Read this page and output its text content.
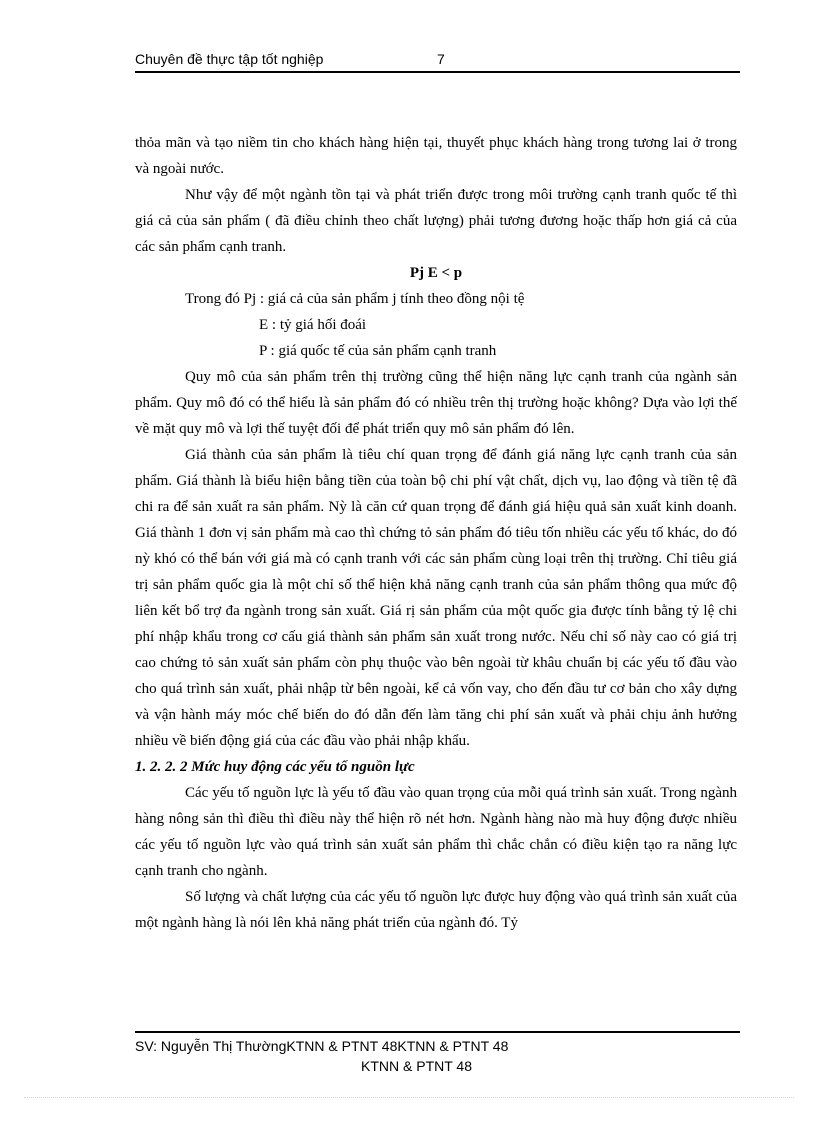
Chuyên đề thực tập tốt nghiệp	7

thỏa mãn và tạo niềm tin cho khách hàng hiện tại, thuyết phục khách hàng trong tương lai ở trong và ngoài nước.

Như vậy để một ngành tồn tại và phát triển được trong môi trường cạnh tranh quốc tế thì giá cả của sản phẩm ( đã điều chỉnh theo chất lượng) phải tương đương hoặc thấp hơn giá cả của các sản phẩm cạnh tranh.

Pj E < p

Trong đó Pj : giá cả của sản phẩm j tính theo đồng nội tệ

E : tỷ giá hối đoái

P : giá quốc tế của sản phẩm cạnh tranh

Quy mô của sản phẩm trên thị trường cũng thể hiện năng lực cạnh tranh của ngành sản phẩm. Quy mô đó có thể hiểu là sản phẩm đó có nhiều trên thị trường hoặc không? Dựa vào lợi thế về mặt quy mô và lợi thế tuyệt đối để phát triển quy mô sản phẩm đó lên.

Giá thành của sản phẩm là tiêu chí quan trọng để đánh giá năng lực cạnh tranh của sản phẩm. Giá thành là biểu hiện bằng tiền của toàn bộ chi phí vật chất, dịch vụ, lao động và tiền tệ đã chi ra để sản xuất ra sản phẩm. Nỳ là căn cứ quan trọng để đánh giá hiệu quả sản xuất kinh doanh. Giá thành 1 đơn vị sản phẩm mà cao thì chứng tỏ sản phẩm đó tiêu tốn nhiều các yếu tố khác, do đó nỳ khó có thể bán với giá mà có cạnh tranh với các sản phẩm cùng loại trên thị trường. Chỉ tiêu giá trị sản phẩm quốc gia là một chỉ số thể hiện khả năng cạnh tranh của sản phẩm thông qua mức độ liên kết bổ trợ đa ngành trong sản xuất. Giá rị sản phẩm của một quốc gia được tính bằng tỷ lệ chi phí nhập khẩu trong cơ cấu giá thành sản phẩm sản xuất trong nước. Nếu chỉ số này cao có giá trị cao chứng tỏ sản xuất sản phẩm còn phụ thuộc vào bên ngoài từ khâu chuẩn bị các yếu tố đầu vào cho quá trình sản xuất, phải nhập từ bên ngoài, kể cả vốn vay, cho đến đầu tư cơ bản cho xây dựng và vận hành máy móc chế biến do đó dẫn đến làm tăng chi phí sản xuất và phải chịu ảnh hưởng nhiều về biến động giá của các đầu vào phải nhập khẩu.

1. 2. 2. 2 Mức huy động các yếu tố nguồn lực

Các yếu tố nguồn lực là yếu tố đầu vào quan trọng của mỗi quá trình sản xuất. Trong ngành hàng nông sản thì điều thì điều này thể hiện rõ nét hơn. Ngành hàng nào mà huy động được nhiều các yếu tố nguồn lực vào quá trình sản xuất sản phẩm thì chắc chắn có điều kiện tạo ra năng lực cạnh tranh cho ngành.

Số lượng và chất lượng của các yếu tố nguồn lực được huy động vào quá trình sản xuất của một ngành hàng là nói lên khả năng phát triển của ngành đó. Tỷ

SV: Nguyễn Thị ThườngKTNN & PTNT 48KTNN & PTNT 48
KTNN & PTNT 48
